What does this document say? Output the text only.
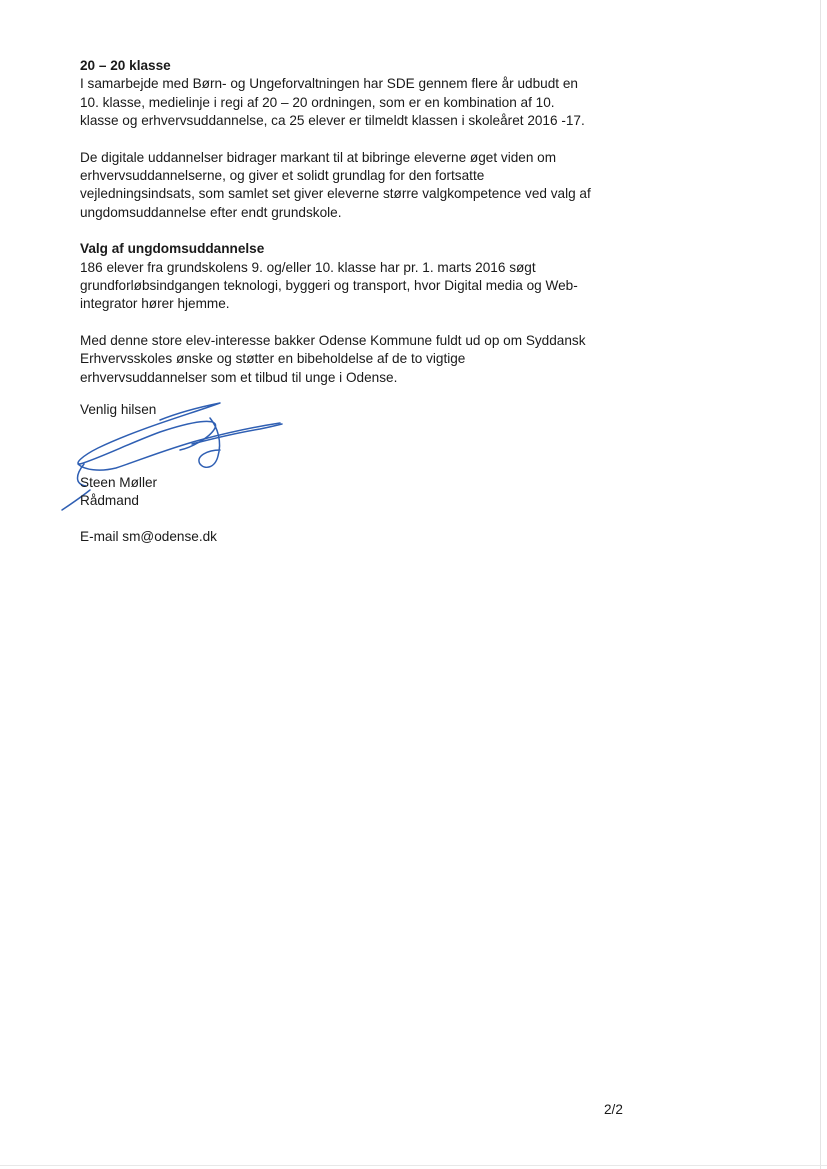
20 – 20 klasse

I samarbejde med Børn- og Ungeforvaltningen har SDE gennem flere år udbudt en
10. klasse, medielinje i regi af 20 – 20 ordningen, som er en kombination af 10.
klasse og erhvervsuddannelse, ca 25 elever er tilmeldt klassen i skoleåret 2016 -17.

De digitale uddannelser bidrager markant til at bibringe eleverne øget viden om
erhvervsuddannelserne, og giver et solidt grundlag for den fortsatte
vejledningsindsats, som samlet set giver eleverne større valgkompetence ved valg af
ungdomsuddannelse efter endt grundskole.

Valg af ungdomsuddannelse

186 elever fra grundskolens 9. og/eller 10. klasse har pr. 1. marts 2016 søgt
grundforløbsindgangen teknologi, byggeri og transport, hvor Digital media og Web-
integrator hører hjemme.

Med denne store elev-interesse bakker Odense Kommune fuldt ud op om Syddansk
Erhvervsskoles ønske og støtter en bibeholdelse af de to vigtige
erhvervsuddannelser som et tilbud til unge i Odense.

Venlig hilsen
Steen Møller
Rådmand
E-mail sm@odense.dk
2/2
